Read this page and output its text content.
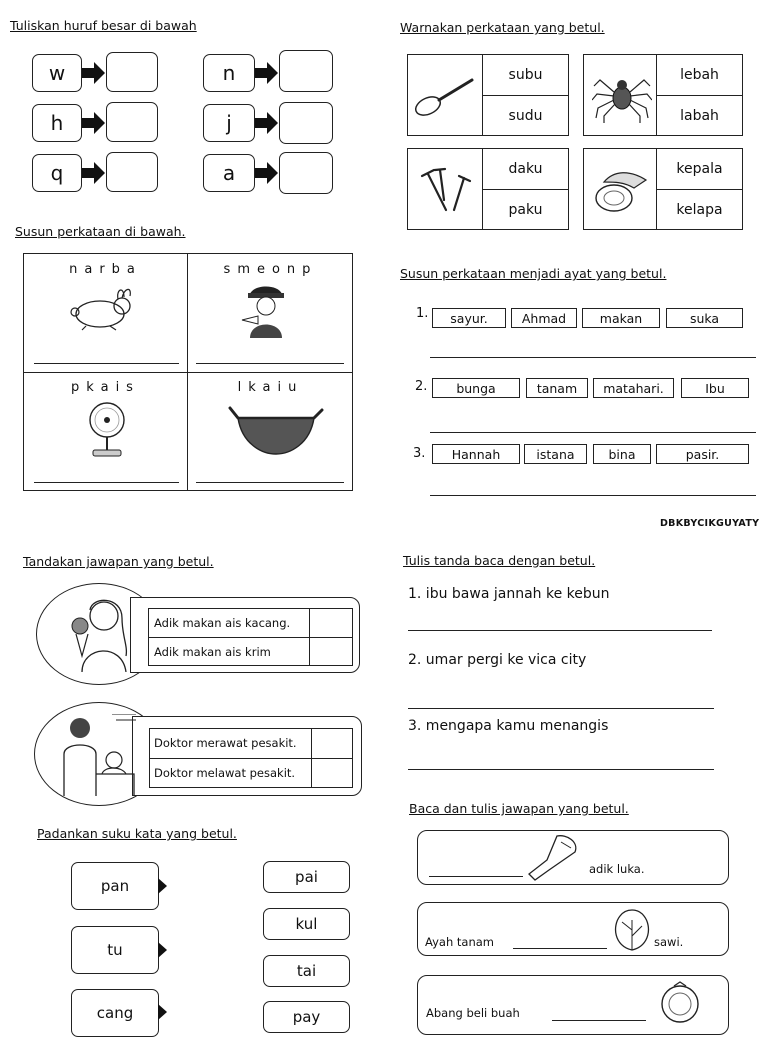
Tuliskan huruf besar di bawah
w
h
q
n
j
a
Warnakan perkataan yang betul.
subu
sudu
lebah
labah
daku
paku
kepala
kelapa
Susun perkataan di bawah.
narba	smeonp
pkais	lkaiu
Susun perkataan menjadi ayat yang betul.
1.	sayur.	Ahmad	makan	suka
2.	bunga	tanam	matahari.	Ibu
3.	Hannah	istana	bina	pasir.
DBKBYCIKGUYATY
Tandakan jawapan yang betul.
Adik makan ais kacang.
Adik makan ais krim
Doktor merawat pesakit.
Doktor melawat pesakit.
Tulis tanda baca dengan betul.
1. ibu bawa jannah ke kebun
2. umar pergi ke vica city
3. mengapa kamu menangis
Padankan suku kata yang betul.
pan
tu
cang
pai
kul
tai
pay
Baca dan tulis jawapan yang betul.
adik luka.
Ayah tanam	sawi.
Abang beli buah
